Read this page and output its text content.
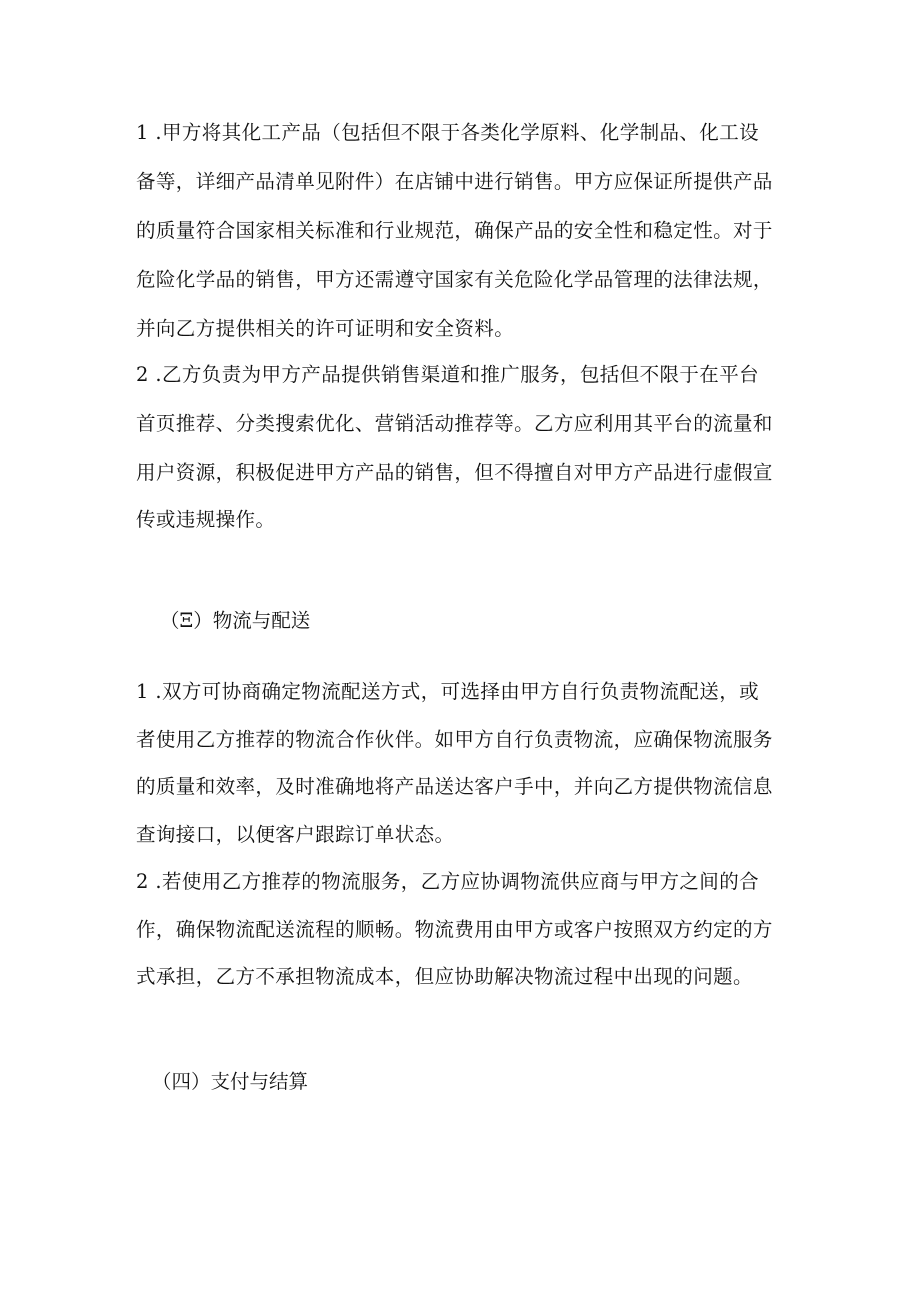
1 .甲方将其化工产品（包括但不限于各类化学原料、化学制品、化工设
备等，详细产品清单见附件）在店铺中进行销售。甲方应保证所提供产品
的质量符合国家相关标准和行业规范，确保产品的安全性和稳定性。对于
危险化学品的销售，甲方还需遵守国家有关危险化学品管理的法律法规，
并向乙方提供相关的许可证明和安全资料。
2 .乙方负责为甲方产品提供销售渠道和推广服务，包括但不限于在平台
首页推荐、分类搜索优化、营销活动推荐等。乙方应利用其平台的流量和
用户资源，积极促进甲方产品的销售，但不得擅自对甲方产品进行虚假宣
传或违规操作。
（Ξ）物流与配送
1 .双方可协商确定物流配送方式，可选择由甲方自行负责物流配送，或
者使用乙方推荐的物流合作伙伴。如甲方自行负责物流，应确保物流服务
的质量和效率，及时准确地将产品送达客户手中，并向乙方提供物流信息
查询接口，以便客户跟踪订单状态。
2 .若使用乙方推荐的物流服务，乙方应协调物流供应商与甲方之间的合
作，确保物流配送流程的顺畅。物流费用由甲方或客户按照双方约定的方
式承担，乙方不承担物流成本，但应协助解决物流过程中出现的问题。
（四）支付与结算
